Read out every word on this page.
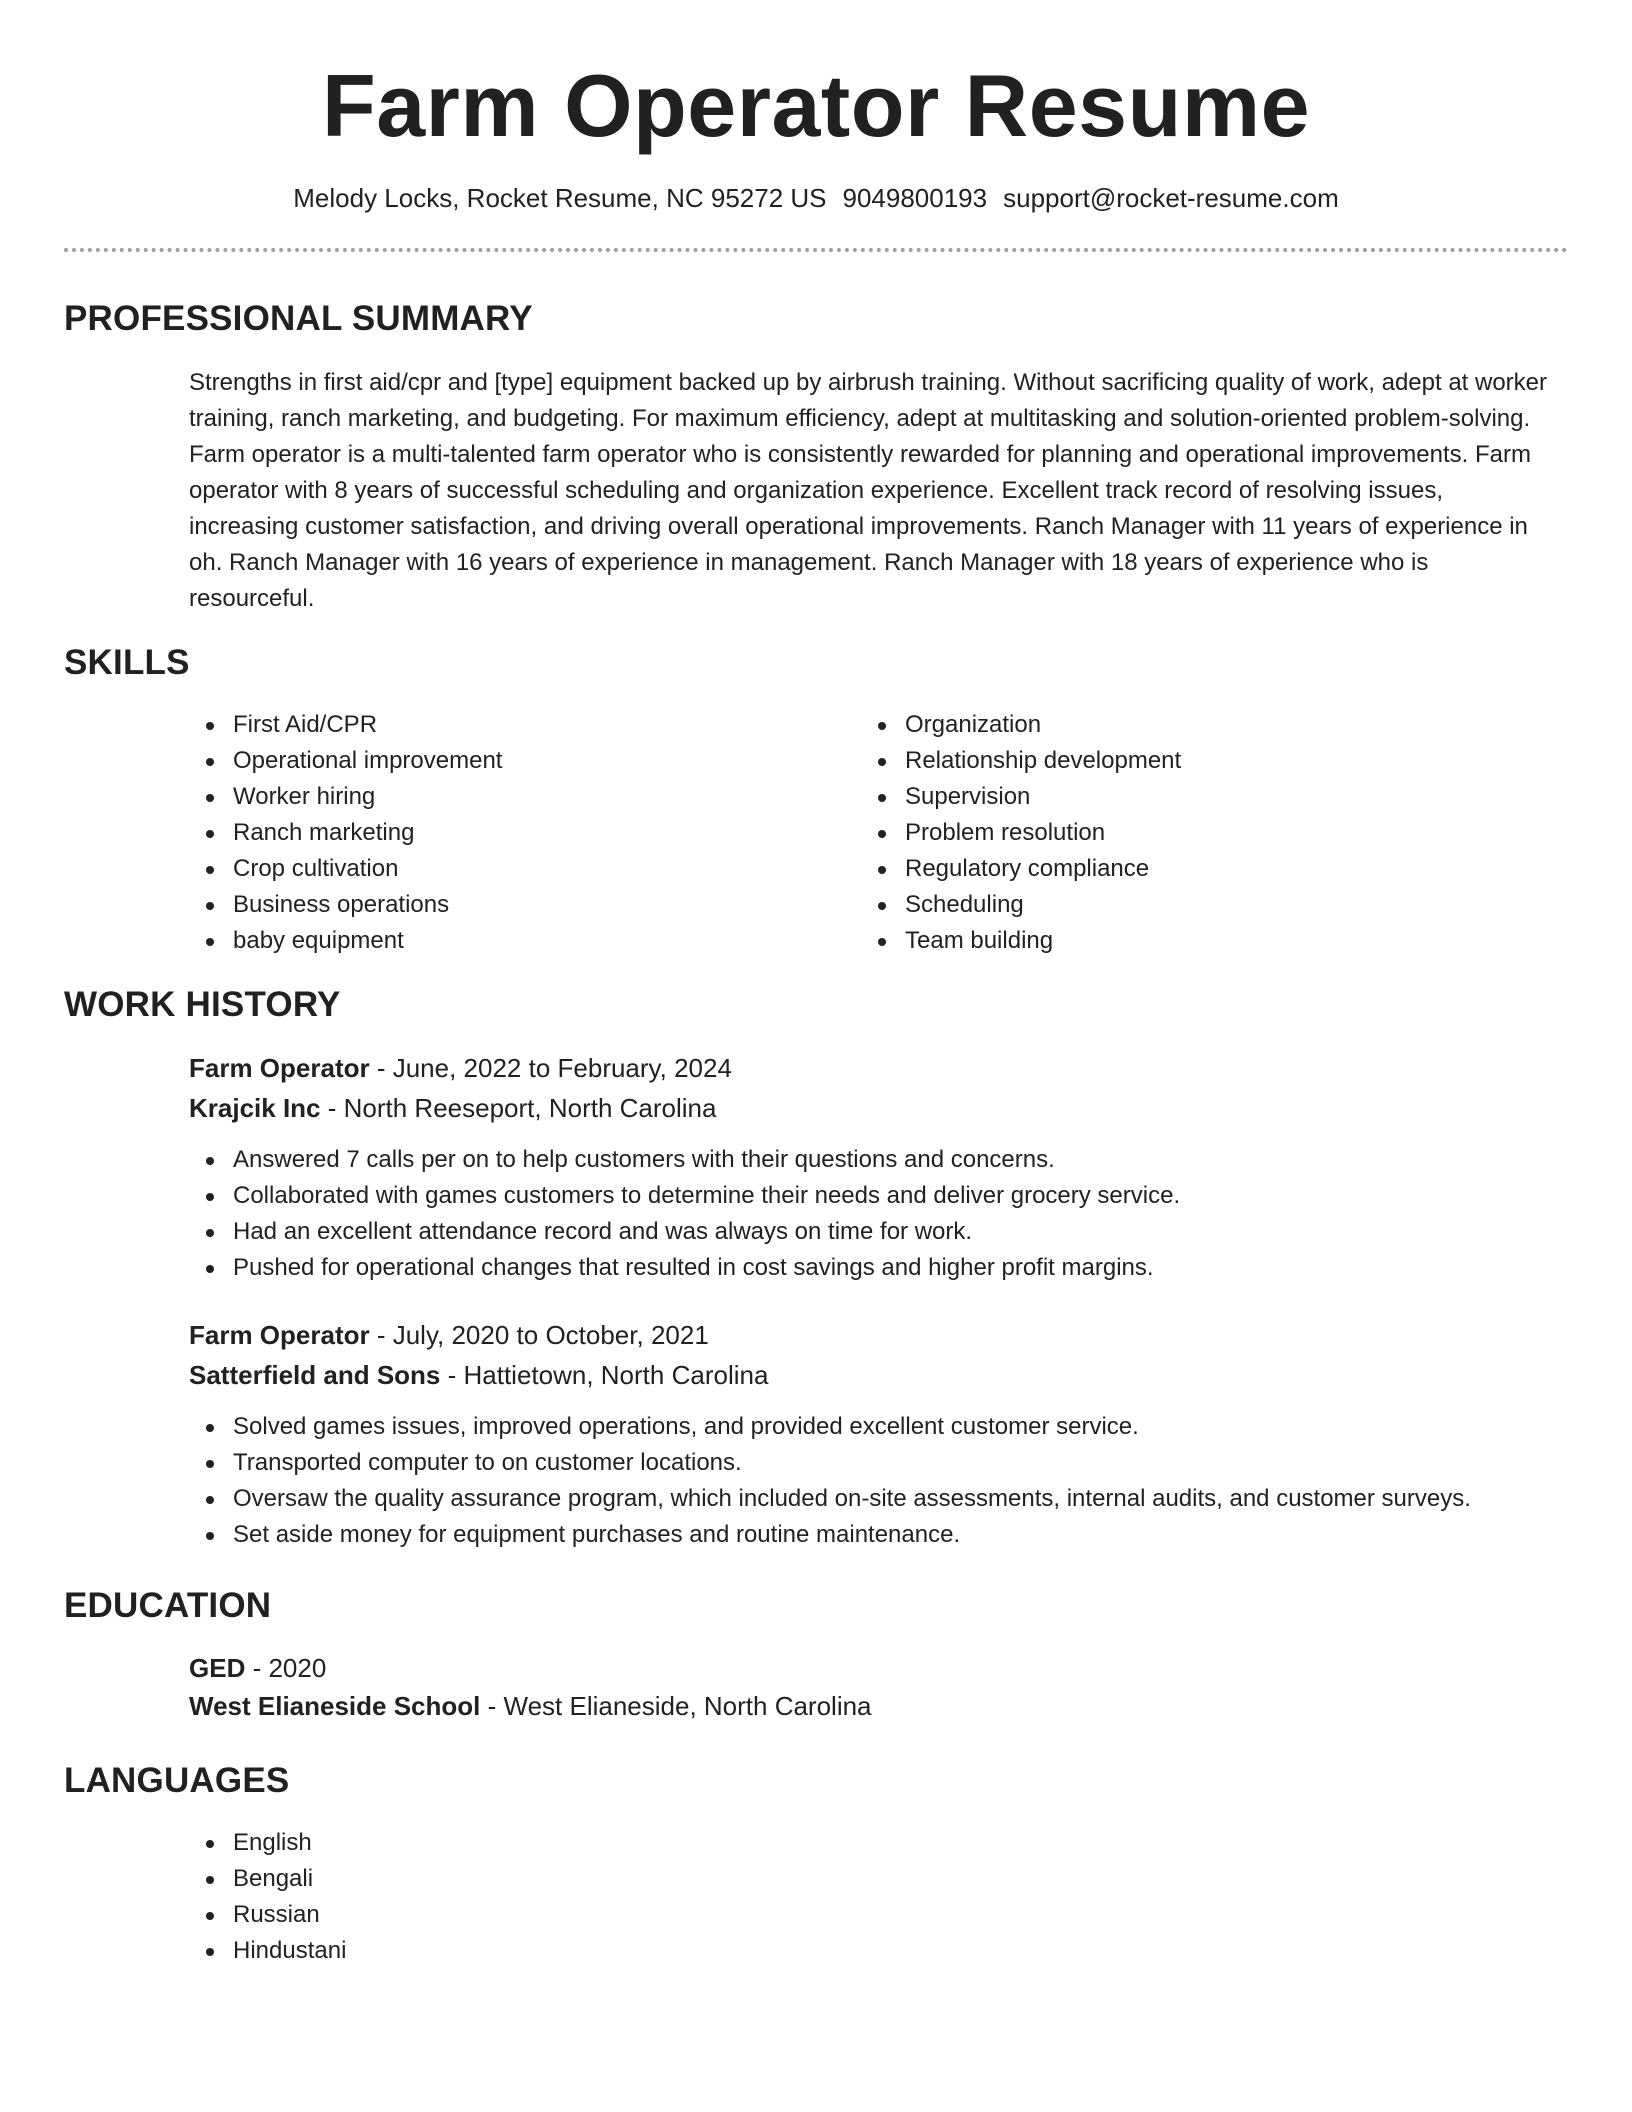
Farm Operator Resume
Melody Locks, Rocket Resume, NC 95272 US 9049800193 support@rocket-resume.com
PROFESSIONAL SUMMARY

Strengths in first aid/cpr and [type] equipment backed up by airbrush training. Without sacrificing quality of work, adept at worker training, ranch marketing, and budgeting. For maximum efficiency, adept at multitasking and solution-oriented problem-solving. Farm operator is a multi-talented farm operator who is consistently rewarded for planning and operational improvements. Farm operator with 8 years of successful scheduling and organization experience. Excellent track record of resolving issues, increasing customer satisfaction, and driving overall operational improvements. Ranch Manager with 11 years of experience in oh. Ranch Manager with 16 years of experience in management. Ranch Manager with 18 years of experience who is resourceful.

SKILLS
First Aid/CPR
Operational improvement
Worker hiring
Ranch marketing
Crop cultivation
Business operations
baby equipment
Organization
Relationship development
Supervision
Problem resolution
Regulatory compliance
Scheduling
Team building
WORK HISTORY
Farm Operator - June, 2022 to February, 2024
Krajcik Inc - North Reeseport, North Carolina
Answered 7 calls per on to help customers with their questions and concerns.
Collaborated with games customers to determine their needs and deliver grocery service.
Had an excellent attendance record and was always on time for work.
Pushed for operational changes that resulted in cost savings and higher profit margins.
Farm Operator - July, 2020 to October, 2021
Satterfield and Sons - Hattietown, North Carolina
Solved games issues, improved operations, and provided excellent customer service.
Transported computer to on customer locations.
Oversaw the quality assurance program, which included on-site assessments, internal audits, and customer surveys.
Set aside money for equipment purchases and routine maintenance.
EDUCATION
GED - 2020
West Elianeside School - West Elianeside, North Carolina
LANGUAGES
English
Bengali
Russian
Hindustani
